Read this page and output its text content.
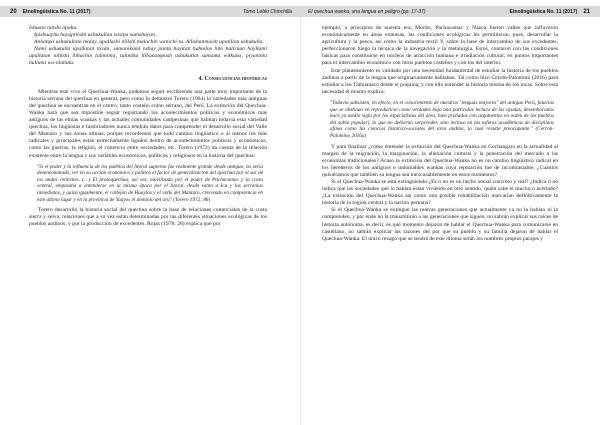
20 Etnolingüística No. 11 (2017)	Tomo Leblo Chinchilla

Ishuani ninshi opaha.

Ipishuayhu hayaptinshi ushukullan isisipa wanshayan.

Anlampa ushukullata malay, upallashi nillshi malachin wanichi-ta. Allishanmaish upatillan ushukulla.

Nami ushukulla upallatan ticuta, sumanikami nshay puntu hayitan huhuilus hito hatiruun hayllami upallatan nilitshi llihachin tuliminta, tulimika llihanampash ushukullat sumanta wilkuna, piyaninta huliuna wa-niuhuta.

4. Consecuencias históricas

Mientras esté vivo el Quechua-Wanka, podemos seguir escribiendo una parte muy importante de la historia serrana del quechua en general, pero como lo demostró Torero (1964) la variedades más antiguas del quechua se encuentran en el centro, tanto costeño como serrano, del Perú. La extinción del Quechua-Wanka hará que sea imposible seguir registrando los acontecimientos políticos y económicos más antiguos de las etnias wankas y las actuales comunidades campesinas que habitan todavía esta variedad quechua, los lingüistas e historiadores nunca tendrán datos para comprender el desarrollo social del Valle del Mantaro y sus zonas altinas, porque recordemos que todo cambio lingüístico o al menos los más radicales y principales están estrechamente ligados dentro de acontecimientos políticos y económicos, como las guerras, la religión, el comercio entre sociedades, etc. Torero (1972) da cuenta de la relación existente entre la lengua y sus variables económicos, políticos y religiosos en la historia del quechua:

"Si el poder y la influencia de los pueblos del litoral supieron fue realmente grande desde antiguo, no sería desencaminado, ver en su acción económica y política el factor de generalización del quechua por el sur de los andes centrales. (…) El protoquechua, así vez, movilizado por el poder de Pachacamac y la costa central, empezaba a entenderse en la misma época por el litoral, desde santa a Ica y las serranías inmediatas, y quizá igualmente, el callejón de Huaylas y el valle del Mantaro, creciendo en competencia en este último lugar y en la provincia de Yauyos el dominio del aru" (Torero 1972: 86)

Torero desarrolló la historia social del quechua sobre la base de relaciones comerciales de la costa sierra y selva, relaciones que a su vez están determinadas por las diferentes situaciones ecológicas de los pueblos andinos, y por la producción de excedentes. Rojas (1978: 28) explica que por

El quechua wanka, una lengua en peligro (pp. 17-37)	Etnolingüística No. 11 (2017) 21

ejemplo, a principios de nuestra era, Moche, Pachacamac y Nazca fueron valles que influyeron económicamente en áreas extensas, las condiciones ecológicas les permitieron, pues, desarrollar la agricultura y la pesca, así como la industria textil Y, sobre la base de intercambio de sus excedentes, perfeccionaron luego la técnica de la navegación y la metalurgia. Estos, contaron con las condiciones básicas para constituirse en núcleos de atracción humana e irradiación cultural; en puntos importantes para el intercambio económico con otros pueblos costeños y con los del interior.

Este planteamiento es validado por una necesidad fundamental de estudiar la historia de los pueblos andinos a partir de la lengua que originariamente hablaban. Tal como hizo Cerrón-Palomino (2016) para estudiar a los Tiahuanaco desde el puquina, y con ello entender la historia misma de los incas. Sobre esta necesidad él mismo explica:

"Todavía subsisten, en efecto, en el conocimiento de nuestras "lenguas mayores" del antiguo Perú, falacias que se obstinan en reproducirse como verdades bajo una particular lectura de las ayudas, desembocadas hace ya medio siglo por los especialistas del área, bien probadas con argumentos en orden de los pueblos del sabio populari, lo que no debieran sorprender, sino incluso en las esferas académicas de disciplinas afines como las ciencias histórico-sociales del área andina, lo cual resulta preocupante." (Cerrón-Palomino 2016a)

Y para finalizar ¿cómo entender la extinción del Quechua-Wanka en Cochangara en la actualidad al margen de la migración, la marginación, la alienación cultural y la penetración del mercado a las economías tradicionales? Acaso la extinción del Quechua-Wanka no es un cambio lingüístico radical en los herederos de los antiguos e indomables wankas cuya reputación fue de incontrastable, ¿Cuántos quisiéramos que también su lengua sea inexcusablemente en estos momentos?

Si el Quechua-Wanka se está extinguiendo ¿Es o no es un hecho social concreto y real? ¿Indica o no indica que las sociedades que lo hablan están viviendo en otro sentido, quién sabe el mucho o acertado? ¿La extinción del Quechua-Wanka así como una posible rehabilitación marcarían definitivamente la historia de la región central y la nación peruana?

Si el Quechua-Wanka se extingue las nuevas generaciones que actualmente ya no la hablan ni la comprenden, y por ende no la transmitirán a las generaciones que siguen, no sabrán explicar sus raíces de historia autónoma, es decir, es qué momento dejaron de hablar el Quechua-Wanka para comunicarse en castellano, no sabrán explicar las razones del por qué su pueblo y su familia dejaron de hablar el Quechua-Wanka. El único rezago que se tendrá de este idioma serán los nombres propios parajes y
